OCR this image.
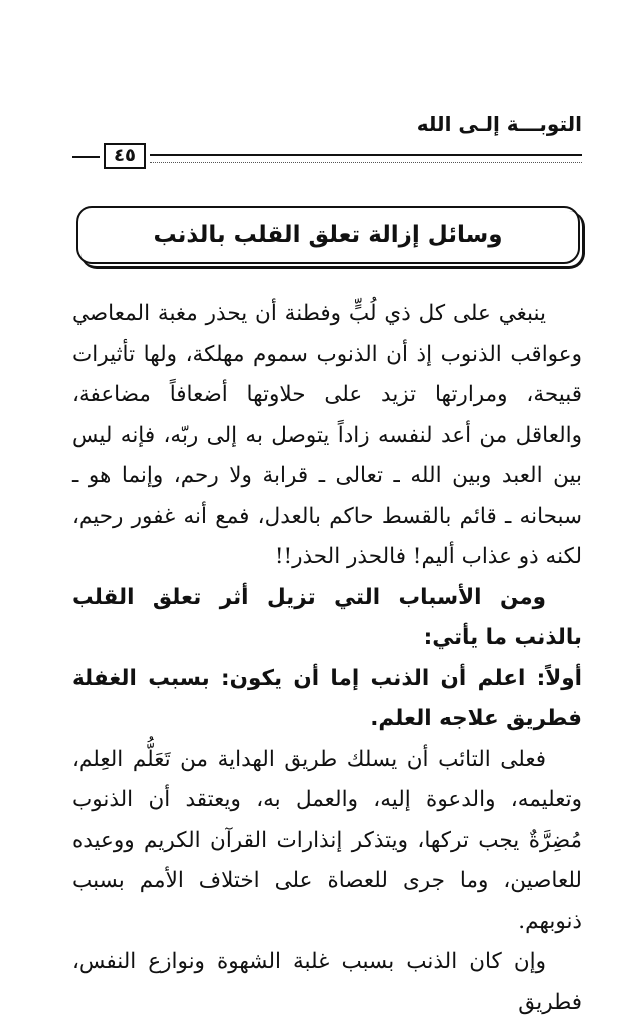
التوبـــة إلـى الله
٤٥
وسائل إزالة تعلق القلب بالذنب

ينبغي على كل ذي لُبٍّ وفطنة أن يحذر مغبة المعاصي وعواقب الذنوب إذ أن الذنوب سموم مهلكة، ولها تأثيرات قبيحة، ومرارتها تزيد على حلاوتها أضعافاً مضاعفة، والعاقل من أعد لنفسه زاداً يتوصل به إلى ربّه، فإنه ليس بين العبد وبين الله ـ تعالى ـ قرابة ولا رحم، وإنما هو ـ سبحانه ـ قائم بالقسط حاكم بالعدل، فمع أنه غفور رحيم، لكنه ذو عذاب أليم! فالحذر الحذر!!

ومن الأسباب التي تزيل أثر تعلق القلب بالذنب ما يأتي:

أولاً: اعلم أن الذنب إما أن يكون: بسبب الغفلة فطريق علاجه العلم.

فعلى التائب أن يسلك طريق الهداية من تَعَلُّم العِلم، وتعليمه، والدعوة إليه، والعمل به، ويعتقد أن الذنوب مُضِرَّةٌ يجب تركها، ويتذكر إنذارات القرآن الكريم ووعيده للعاصين، وما جرى للعصاة على اختلاف الأمم بسبب ذنوبهم.

وإن كان الذنب بسبب غلبة الشهوة ونوازع النفس، فطريق
